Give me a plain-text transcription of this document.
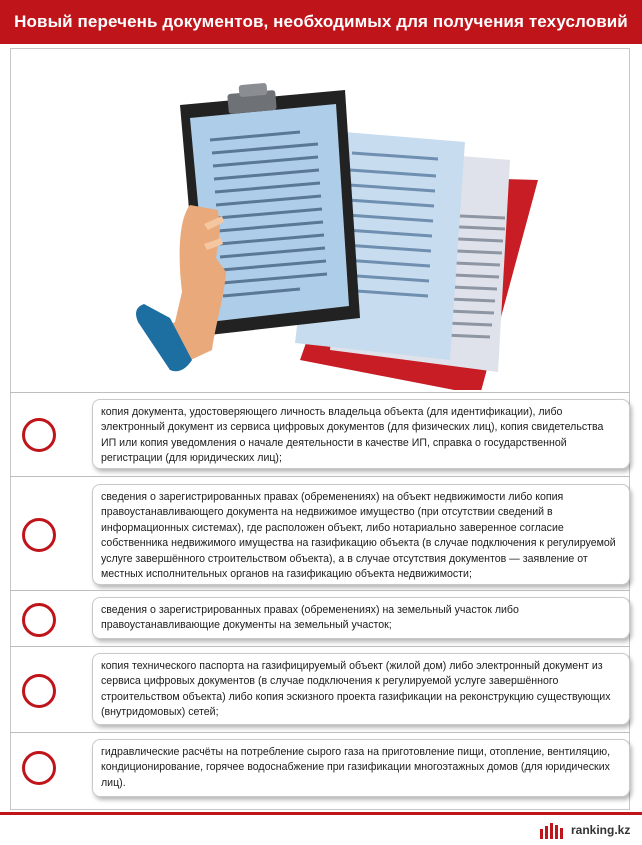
Новый перечень документов, необходимых для получения техусловий
копия документа, удостоверяющего личность владельца объекта (для идентификации), либо электронный документ из сервиса цифровых документов (для физических лиц), копия свидетельства ИП или копия уведомления о начале деятельности в качестве ИП, справка о государственной регистрации (для юридических лиц);
сведения о зарегистрированных правах (обременениях) на объект недвижимости либо копия правоустанавливающего документа на недвижимое имущество (при отсутствии сведений в информационных системах), где расположен объект, либо нотариально заверенное согласие собственника недвижимого имущества на газификацию объекта (в случае подключения к регулируемой услуге завершённого строительством объекта), а в случае отсутствия документов — заявление от местных исполнительных органов на газификацию объекта недвижимости;
сведения о зарегистрированных правах (обременениях) на земельный участок либо правоустанавливающие документы на земельный участок;
копия технического паспорта на газифицируемый объект (жилой дом) либо электронный документ из сервиса цифровых документов (в случае подключения к регулируемой услуге завершённого строительством объекта) либо копия эскизного проекта газификации на реконструкцию существующих (внутридомовых) сетей;
гидравлические расчёты на потребление сырого газа на приготовление пищи, отопление, вентиляцию, кондиционирование, горячее водоснабжение при газификации многоэтажных домов (для юридических лиц).
ranking.kz
